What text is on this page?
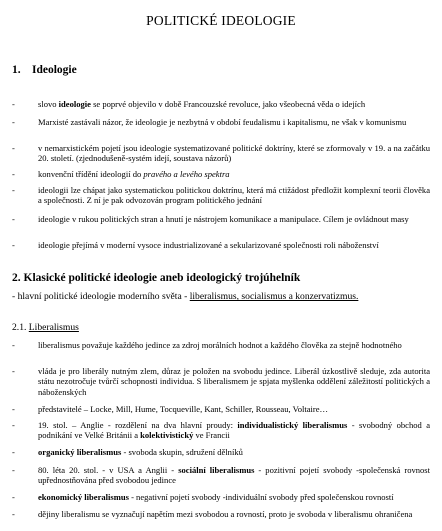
POLITICKÉ IDEOLOGIE
1. Ideologie
-	slovo ideologie se poprvé objevilo v době Francouzské revoluce, jako všeobecná věda o idejích
-	Marxisté zastávali názor, že ideologie je nezbytná v období feudalismu i kapitalismu, ne však v komunismu
-	v nemarxistickém pojetí jsou ideologie systematizované politické doktríny, které se zformovaly v 19. a na začátku 20. století. (zjednodušeně-systém idejí, soustava názorů)
-	konvenční třídění ideologií do pravého a levého spektra
-	ideologii lze chápat jako systematickou politickou doktrínu, která má ctižádost předložit komplexní teorii člověka a společnosti. Z ní je pak odvozován program politického jednání
-	ideologie v rukou politických stran a hnutí je nástrojem komunikace a manipulace. Cílem je ovládnout masy
-	ideologie přejímá v moderní vysoce industrializované a sekularizované společnosti roli náboženství
2. Klasické politické ideologie aneb ideologický trojúhelník
- hlavní politické ideologie moderního světa - liberalismus, socialismus a konzervatizmus.
2.1. Liberalismus
-	liberalismus považuje každého jedince za zdroj morálních hodnot a každého člověka za stejně hodnotného
-	vláda je pro liberály nutným zlem, důraz je položen na svobodu jedince. Liberál úzkostlivě sleduje, zda autorita státu nezotročuje tvůrčí schopnosti individua. S liberalismem je spjata myšlenka oddělení záležitostí politických a náboženských
-	představitelé – Locke, Mill, Hume, Tocqueville, Kant, Schiller, Rousseau, Voltaire…
-	19. stol. – Anglie - rozdělení na dva hlavní proudy: individualistický liberalismus - svobodný obchod a podnikání ve Velké Británii a kolektivistický ve Francii
-	organický liberalismus - svoboda skupin, sdružení dělníků
-	80. léta 20. stol. - v USA a Anglii - sociální liberalismus - pozitivní pojetí svobody -společenská rovnost upřednostňována před svobodou jedince
-	ekonomický liberalismus - negativní pojetí svobody -individuální svobody před společenskou rovností
-	dějiny liberalismu se vyznačují napětím mezi svobodou a rovností, proto je svoboda v liberalismu ohraničena
